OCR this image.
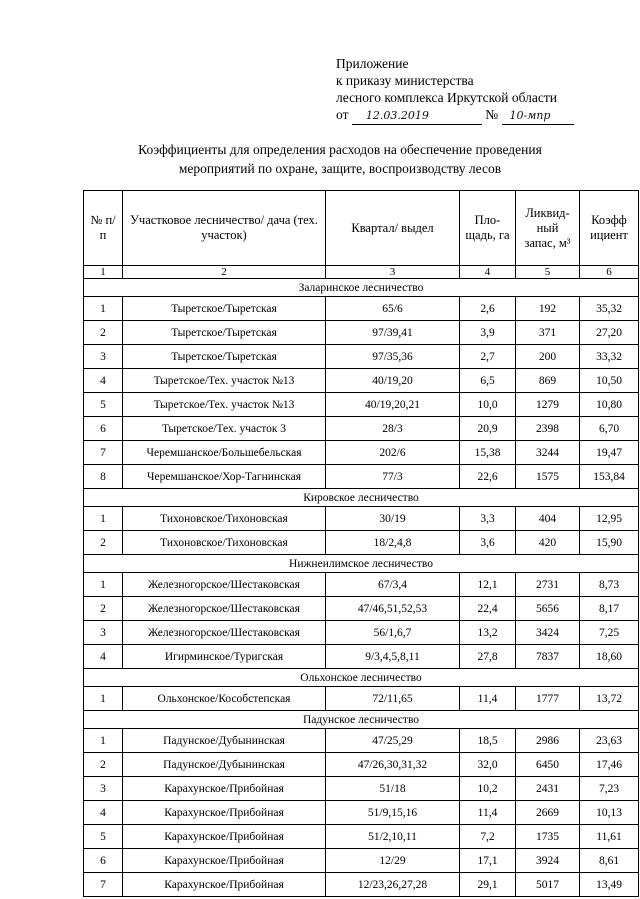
Приложение
к приказу министерства
лесного комплекса Иркутской области
от 12.03.2019	№ 10-мпр
Коэффициенты для определения расходов на обеспечение проведения
мероприятий по охране, защите, воспроизводству лесов
№ п/п	Участковое лесничество/ дача (тех. участок)	Квартал/ выдел	Пло-щадь, га	Ликвид-ный запас, м³	Коэфф ициент
1	2	3	4	5	6
Заларинское лесничество					
1	Тыретское/Тыретская	65/6	2,6	192	35,32
2	Тыретское/Тыретская	97/39,41	3,9	371	27,20
3	Тыретское/Тыретская	97/35,36	2,7	200	33,32
4	Тыретское/Тех. участок №13	40/19,20	6,5	869	10,50
5	Тыретское/Тех. участок №13	40/19,20,21	10,0	1279	10,80
6	Тыретское/Тех. участок 3	28/3	20,9	2398	6,70
7	Черемшанское/Большебельская	202/6	15,38	3244	19,47
8	Черемшанское/Хор-Тагнинская	77/3	22,6	1575	153,84
Кировское лесничество					
1	Тихоновское/Тихоновская	30/19	3,3	404	12,95
2	Тихоновское/Тихоновская	18/2,4,8	3,6	420	15,90
Нижнеилимское лесничество					
1	Железногорское/Шестаковская	67/3,4	12,1	2731	8,73
2	Железногорское/Шестаковская	47/46,51,52,53	22,4	5656	8,17
3	Железногорское/Шестаковская	56/1,6,7	13,2	3424	7,25
4	Игирминское/Туригская	9/3,4,5,8,11	27,8	7837	18,60
Ольхонское лесничество					
1	Ольхонское/Кособстепская	72/11,65	11,4	1777	13,72
Падунское лесничество					
1	Падунское/Дубынинская	47/25,29	18,5	2986	23,63
2	Падунское/Дубынинская	47/26,30,31,32	32,0	6450	17,46
3	Карахунское/Прибойная	51/18	10,2	2431	7,23
4	Карахунское/Прибойная	51/9,15,16	11,4	2669	10,13
5	Карахунское/Прибойная	51/2,10,11	7,2	1735	11,61
6	Карахунское/Прибойная	12/29	17,1	3924	8,61
7	Карахунское/Прибойная	12/23,26,27,28	29,1	5017	13,49
